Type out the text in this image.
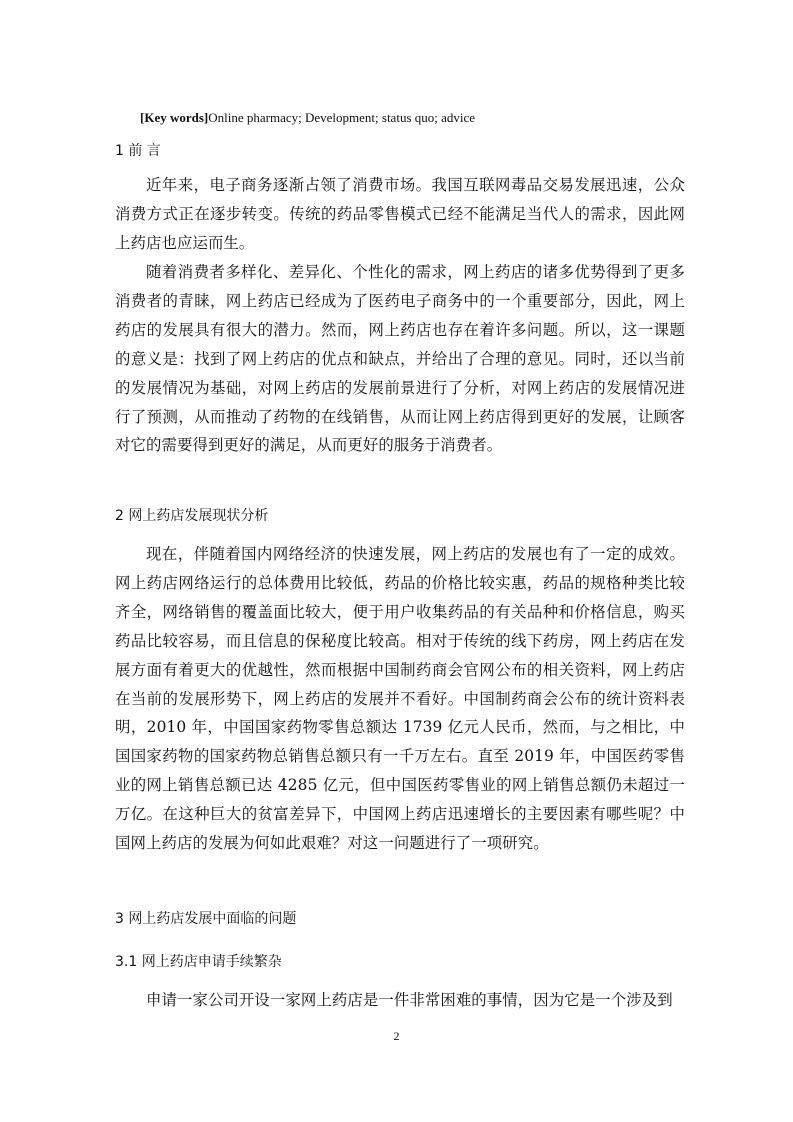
[Key words]Online pharmacy; Development; status quo; advice
1 前 言
近年来，电子商务逐渐占领了消费市场。我国互联网毒品交易发展迅速，公众消费方式正在逐步转变。传统的药品零售模式已经不能满足当代人的需求，因此网上药店也应运而生。
随着消费者多样化、差异化、个性化的需求，网上药店的诸多优势得到了更多消费者的青睐，网上药店已经成为了医药电子商务中的一个重要部分，因此，网上药店的发展具有很大的潜力。然而，网上药店也存在着许多问题。所以，这一课题的意义是：找到了网上药店的优点和缺点，并给出了合理的意见。同时，还以当前的发展情况为基础，对网上药店的发展前景进行了分析，对网上药店的发展情况进行了预测，从而推动了药物的在线销售，从而让网上药店得到更好的发展，让顾客对它的需要得到更好的满足，从而更好的服务于消费者。
2 网上药店发展现状分析
现在，伴随着国内网络经济的快速发展，网上药店的发展也有了一定的成效。网上药店网络运行的总体费用比较低，药品的价格比较实惠，药品的规格种类比较齐全，网络销售的覆盖面比较大，便于用户收集药品的有关品种和价格信息，购买药品比较容易，而且信息的保秘度比较高。相对于传统的线下药房，网上药店在发展方面有着更大的优越性，然而根据中国制药商会官网公布的相关资料，网上药店在当前的发展形势下，网上药店的发展并不看好。中国制药商会公布的统计资料表明，2010 年，中国国家药物零售总额达 1739 亿元人民币，然而，与之相比，中国国家药物的国家药物总销售总额只有一千万左右。直至 2019 年，中国医药零售业的网上销售总额已达 4285 亿元，但中国医药零售业的网上销售总额仍未超过一万亿。在这种巨大的贫富差异下，中国网上药店迅速增长的主要因素有哪些呢？中国网上药店的发展为何如此艰难？对这一问题进行了一项研究。
3 网上药店发展中面临的问题
3.1 网上药店申请手续繁杂
申请一家公司开设一家网上药店是一件非常困难的事情，因为它是一个涉及到
2
